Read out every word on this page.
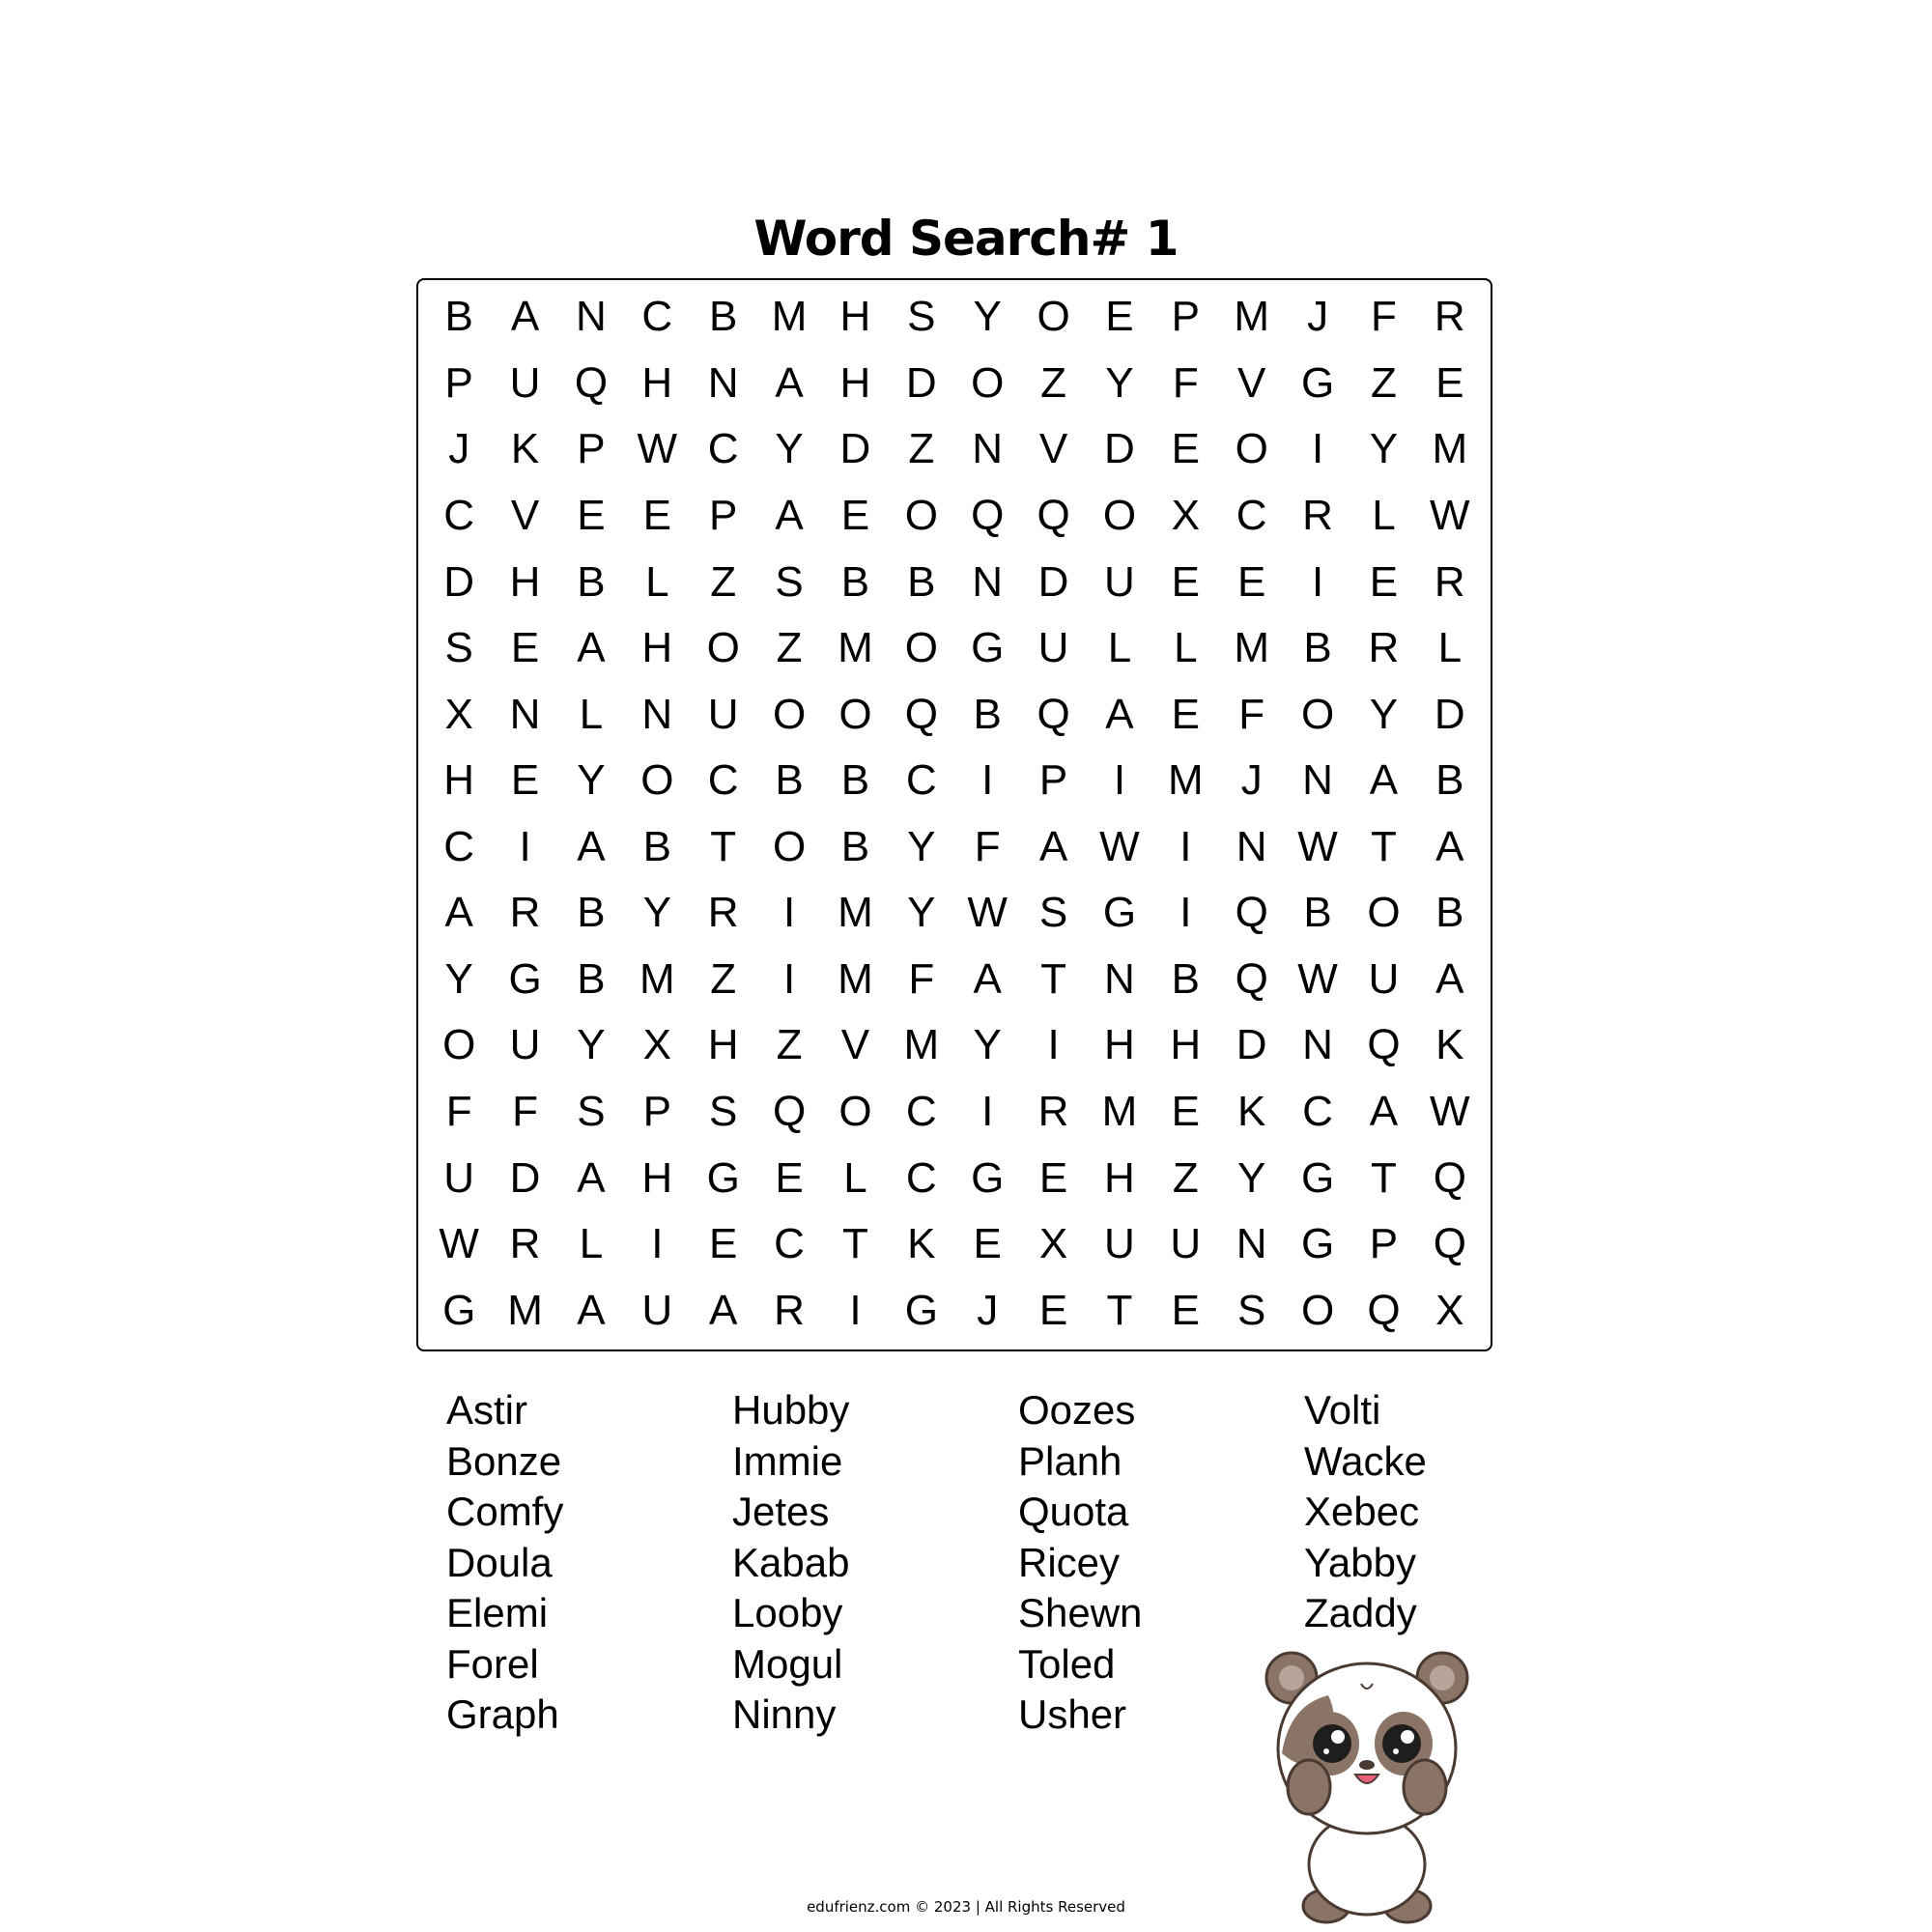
Word Search# 1
B A N C B M H S Y O E P M J F R
P U Q H N A H D O Z Y F V G Z E
J K P W C Y D Z N V D E O	I	Y M
C V E E P A E O Q Q O X C R L W
D H B L Z S B B N D U E E	I	E R
S E A H O Z M O G U L L M B R L
X N L N U O O Q B Q A E F O Y D
H E Y O C B B C	I	P	I M J N A B
C	I	A B T O B Y F A W I	N W T A
A R B Y R	I M Y W S G	I	Q B O B
Y G B M Z	I M F A T N B Q W U A
O U Y X H Z V M Y	I	H H D N Q K
F F S P S Q O C	I	R M E K C A W
U D A H G E L C G E H Z Y G T Q
W R L	I	E C T K E X U U N G P Q
G M A U A R	I	G J E T E S O Q X
Astir
Bonze
Comfy
Doula
Elemi
Forel
Graph
Hubby
Immie
Jetes
Kabab
Looby
Mogul
Ninny
Oozes
Planh
Quota
Ricey
Shewn
Toled
Usher
Volti
Wacke
Xebec
Yabby
Zaddy
edufrienz.com © 2023 | All Rights Reserved
